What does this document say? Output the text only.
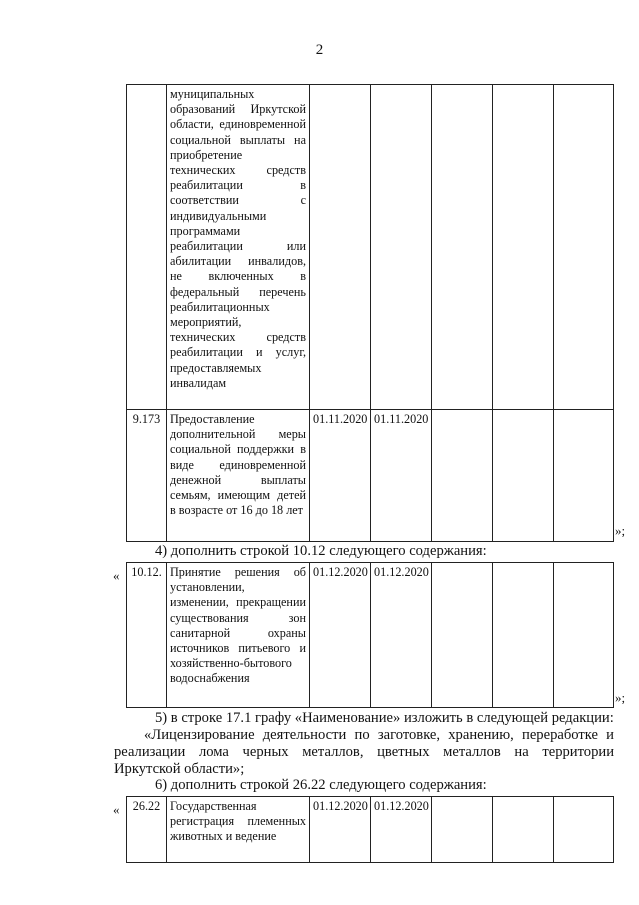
2
	муниципальных образований Иркутской области, единовременной социальной выплаты на приобретение технических средств реабилитации в соответствии с индивидуальными программами реабилитации или абилитации инвалидов, не включенных в федеральный перечень реабилитационных мероприятий, технических средств реабилитации и услуг, предоставляемых инвалидам					
9.173	Предоставление дополнительной меры социальной поддержки в виде единовременной денежной выплаты семьям, имеющим детей в возрасте от 16 до 18 лет	01.11.2020	01.11.2020			
»;
4) дополнить строкой 10.12 следующего содержания:
« 10.12.	Принятие решения об установлении, изменении, прекращении существования зон санитарной охраны источников питьевого и хозяйственно-бытового водоснабжения	01.12.2020	01.12.2020			
»;
5) в строке 17.1 графу «Наименование» изложить в следующей редакции:
«Лицензирование деятельности по заготовке, хранению, переработке и реализации лома черных металлов, цветных металлов на территории Иркутской области»;
6) дополнить строкой 26.22 следующего содержания:
« 26.22	Государственная регистрация племенных животных и ведение	01.12.2020	01.12.2020			
